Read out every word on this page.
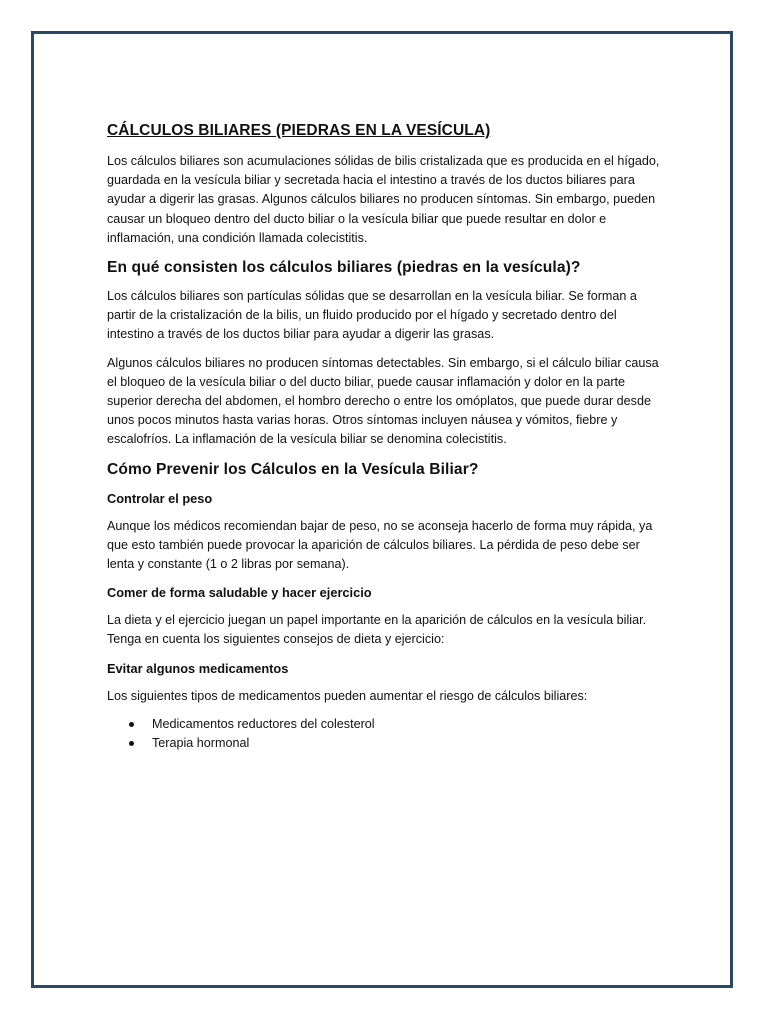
CÁLCULOS BILIARES (PIEDRAS EN LA VESÍCULA)

Los cálculos biliares son acumulaciones sólidas de bilis cristalizada que es producida en el hígado, guardada en la vesícula biliar y secretada hacia el intestino a través de los ductos biliares para ayudar a digerir las grasas. Algunos cálculos biliares no producen síntomas. Sin embargo, pueden causar un bloqueo dentro del ducto biliar o la vesícula biliar que puede resultar en dolor e inflamación, una condición llamada colecistitis.

En qué consisten los cálculos biliares (piedras en la vesícula)?

Los cálculos biliares son partículas sólidas que se desarrollan en la vesícula biliar. Se forman a partir de la cristalización de la bilis, un fluido producido por el hígado y secretado dentro del intestino a través de los ductos biliar para ayudar a digerir las grasas.

Algunos cálculos biliares no producen síntomas detectables. Sin embargo, si el cálculo biliar causa el bloqueo de la vesícula biliar o del ducto biliar, puede causar inflamación y dolor en la parte superior derecha del abdomen, el hombro derecho o entre los omóplatos, que puede durar desde unos pocos minutos hasta varias horas. Otros síntomas incluyen náusea y vómitos, fiebre y escalofríos. La inflamación de la vesícula biliar se denomina colecistitis.

Cómo Prevenir los Cálculos en la Vesícula Biliar?
Controlar el peso

Aunque los médicos recomiendan bajar de peso, no se aconseja hacerlo de forma muy rápida, ya que esto también puede provocar la aparición de cálculos biliares. La pérdida de peso debe ser lenta y constante (1 o 2 libras por semana).

Comer de forma saludable y hacer ejercicio

La dieta y el ejercicio juegan un papel importante en la aparición de cálculos en la vesícula biliar. Tenga en cuenta los siguientes consejos de dieta y ejercicio:

Evitar algunos medicamentos

Los siguientes tipos de medicamentos pueden aumentar el riesgo de cálculos biliares:

Medicamentos reductores del colesterol
Terapia hormonal
